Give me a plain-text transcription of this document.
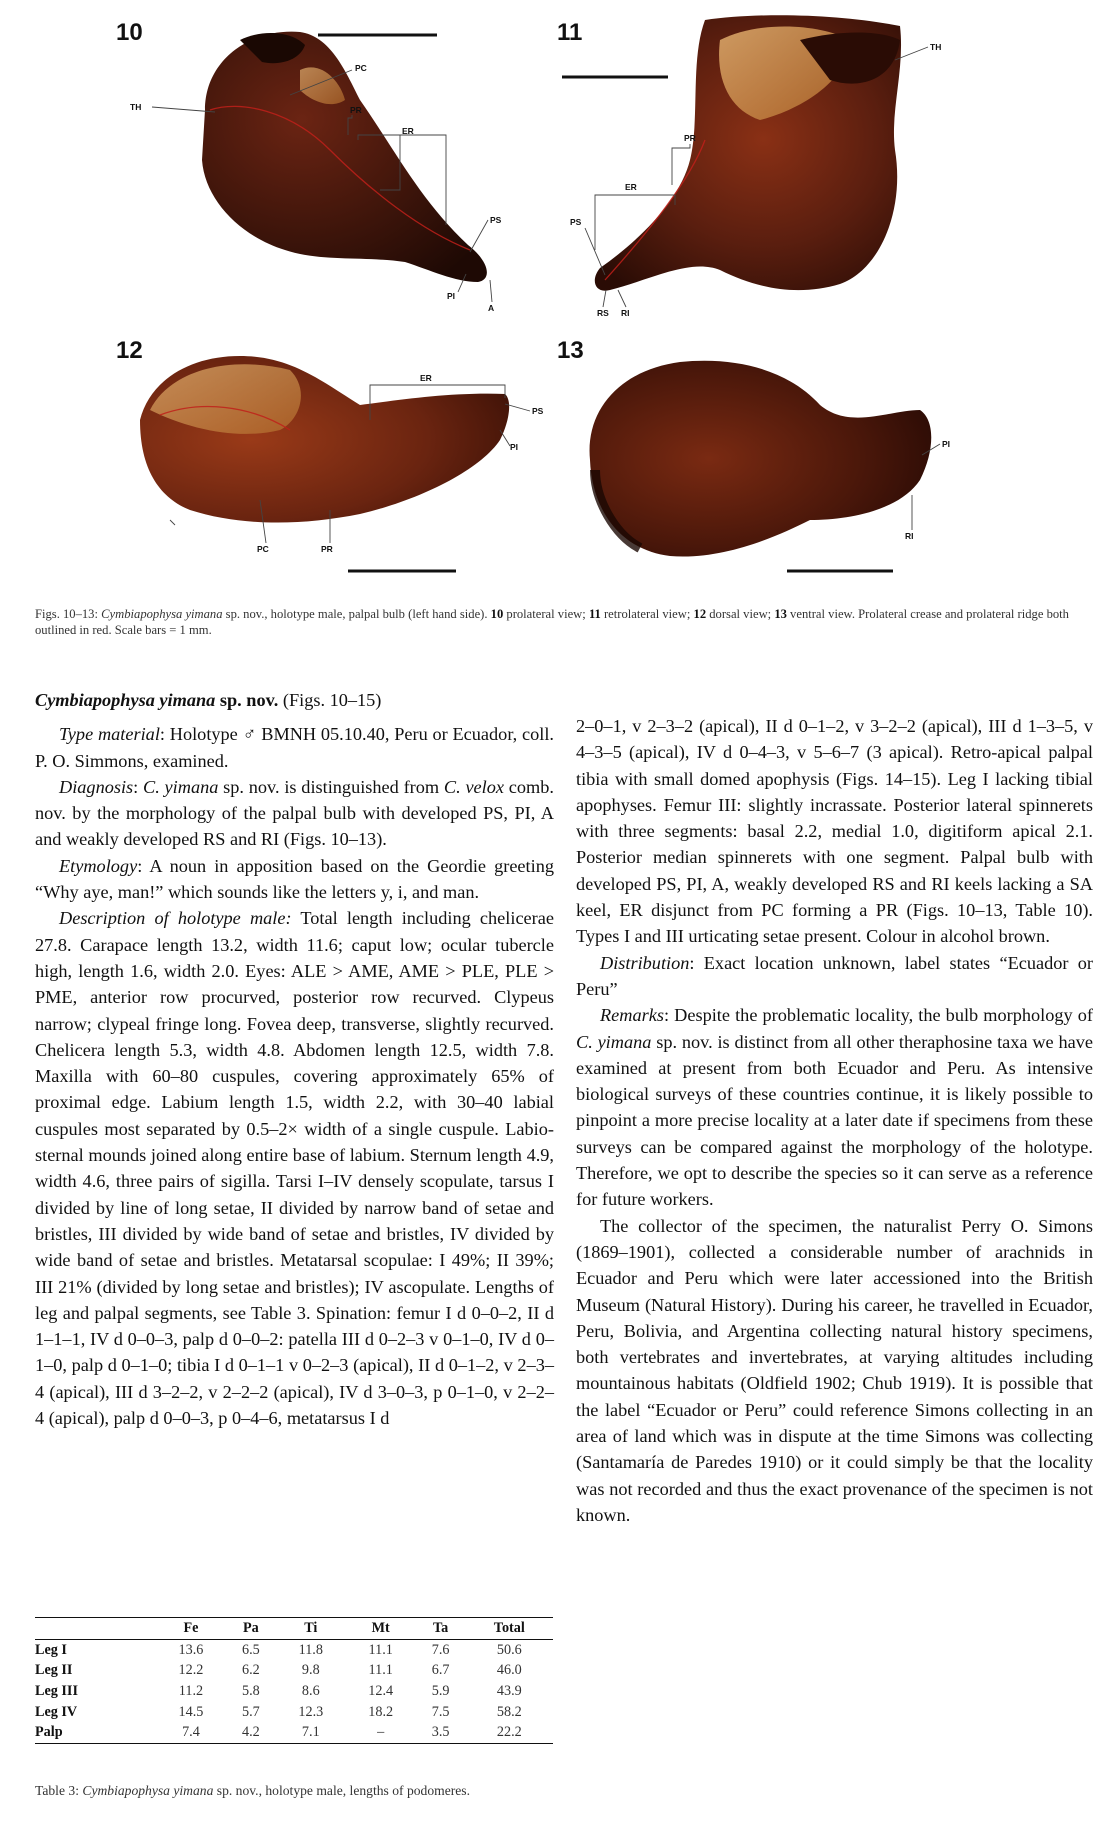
10
TH
PC
PR
ER
PS
PI
A
11
TH
PR
ER
PS
RS RI
12
ER
PS
PI
PC	PR
13
PI
RI
Figs. 10–13: Cymbiapophysa yimana sp. nov., holotype male, palpal bulb (left hand side). 10 prolateral view; 11 retrolateral view; 12 dorsal view; 13 ventral view. Prolateral crease and prolateral ridge both outlined in red. Scale bars = 1 mm.

Cymbiapophysa yimana sp. nov. (Figs. 10–15)

Type material: Holotype ♂ BMNH 05.10.40, Peru or Ecuador, coll. P. O. Simmons, examined.

Diagnosis: C. yimana sp. nov. is distinguished from C. velox comb. nov. by the morphology of the palpal bulb with developed PS, PI, A and weakly developed RS and RI (Figs. 10–13).

Etymology: A noun in apposition based on the Geordie greeting “Why aye, man!” which sounds like the letters y, i, and man.

Description of holotype male: Total length including chelicerae 27.8. Carapace length 13.2, width 11.6; caput low; ocular tubercle high, length 1.6, width 2.0. Eyes: ALE > AME, AME > PLE, PLE > PME, anterior row procurved, posterior row recurved. Clypeus narrow; clypeal fringe long. Fovea deep, transverse, slightly recurved. Chelicera length 5.3, width 4.8. Abdomen length 12.5, width 7.8. Maxilla with 60–80 cuspules, covering approximately 65% of proximal edge. Labium length 1.5, width 2.2, with 30–40 labial cuspules most separated by 0.5–2× width of a single cuspule. Labio-sternal mounds joined along entire base of labium. Sternum length 4.9, width 4.6, three pairs of sigilla. Tarsi I–IV densely scopulate, tarsus I divided by line of long setae, II divided by narrow band of setae and bristles, III divided by wide band of setae and bristles, IV divided by wide band of setae and bristles. Metatarsal scopulae: I 49%; II 39%; III 21% (divided by long setae and bristles); IV ascopulate. Lengths of leg and palpal segments, see Table 3. Spination: femur I d 0–0–2, II d 1–1–1, IV d 0–0–3, palp d 0–0–2: patella III d 0–2–3 v 0–1–0, IV d 0–1–0, palp d 0–1–0; tibia I d 0–1–1 v 0–2–3 (apical), II d 0–1–2, v 2–3–4 (apical), III d 3–2–2, v 2–2–2 (apical), IV d 3–0–3, p 0–1–0, v 2–2–4 (apical), palp d 0–0–3, p 0–4–6, metatarsus I d

	Fe	Pa	Ti	Mt	Ta	Total
Leg I	13.6	6.5	11.8	11.1	7.6	50.6
Leg II	12.2	6.2	9.8	11.1	6.7	46.0
Leg III	11.2	5.8	8.6	12.4	5.9	43.9
Leg IV	14.5	5.7	12.3	18.2	7.5	58.2
Palp	7.4	4.2	7.1	–	3.5	22.2
Table 3: Cymbiapophysa yimana sp. nov., holotype male, lengths of podomeres.

2–0–1, v 2–3–2 (apical), II d 0–1–2, v 3–2–2 (apical), III d 1–3–5, v 4–3–5 (apical), IV d 0–4–3, v 5–6–7 (3 apical). Retro-apical palpal tibia with small domed apophysis (Figs. 14–15). Leg I lacking tibial apophyses. Femur III: slightly incrassate. Posterior lateral spinnerets with three segments: basal 2.2, medial 1.0, digitiform apical 2.1. Posterior median spinnerets with one segment. Palpal bulb with developed PS, PI, A, weakly developed RS and RI keels lacking a SA keel, ER disjunct from PC forming a PR (Figs. 10–13, Table 10). Types I and III urticating setae present. Colour in alcohol brown.

Distribution: Exact location unknown, label states “Ecuador or Peru”

Remarks: Despite the problematic locality, the bulb morphology of C. yimana sp. nov. is distinct from all other theraphosine taxa we have examined at present from both Ecuador and Peru. As intensive biological surveys of these countries continue, it is likely possible to pinpoint a more precise locality at a later date if specimens from these surveys can be compared against the morphology of the holotype. Therefore, we opt to describe the species so it can serve as a reference for future workers.

The collector of the specimen, the naturalist Perry O. Simons (1869–1901), collected a considerable number of arachnids in Ecuador and Peru which were later accessioned into the British Museum (Natural History). During his career, he travelled in Ecuador, Peru, Bolivia, and Argentina collecting natural history specimens, both vertebrates and invertebrates, at varying altitudes including mountainous habitats (Oldfield 1902; Chub 1919). It is possible that the label “Ecuador or Peru” could reference Simons collecting in an area of land which was in dispute at the time Simons was collecting (Santamaría de Paredes 1910) or it could simply be that the locality was not recorded and thus the exact provenance of the specimen is not known.
